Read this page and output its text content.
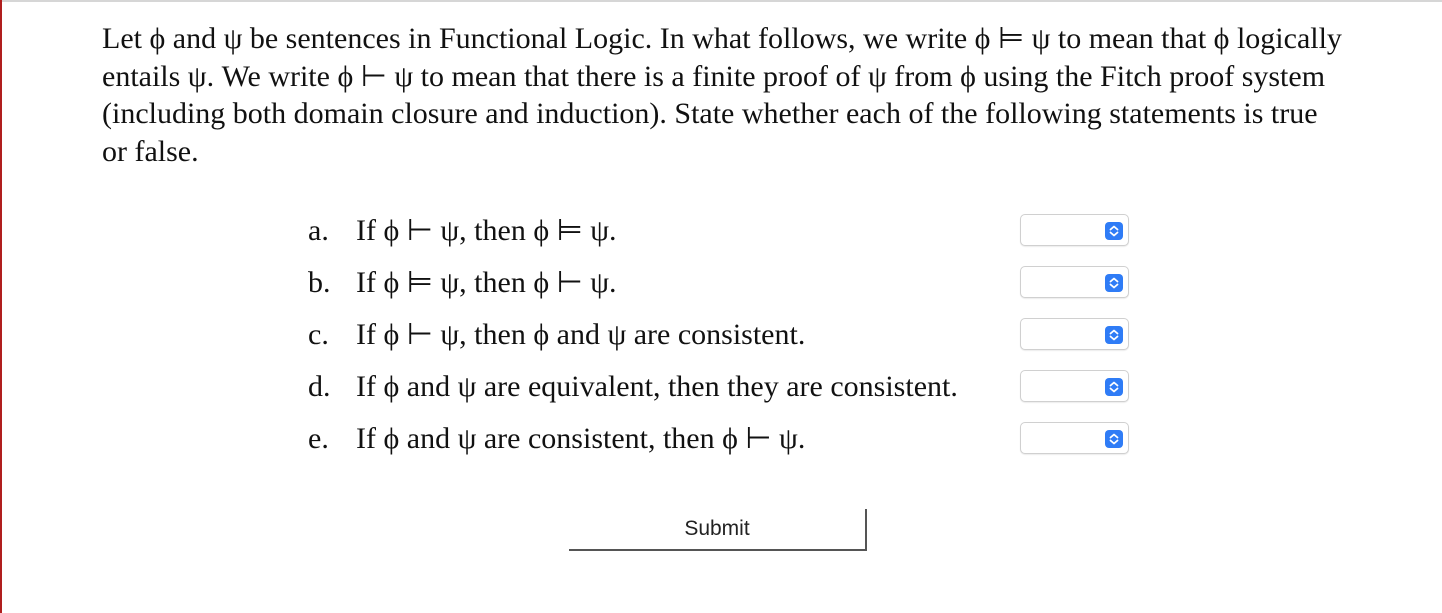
Let ϕ and ψ be sentences in Functional Logic. In what follows, we write ϕ ⊨ ψ to mean that ϕ logically entails ψ. We write ϕ ⊢ ψ to mean that there is a finite proof of ψ from ϕ using the Fitch proof system (including both domain closure and induction). State whether each of the following statements is true or false.

a. If ϕ ⊢ ψ, then ϕ ⊨ ψ.
b. If ϕ ⊨ ψ, then ϕ ⊢ ψ.
c. If ϕ ⊢ ψ, then ϕ and ψ are consistent.
d. If ϕ and ψ are equivalent, then they are consistent.
e. If ϕ and ψ are consistent, then ϕ ⊢ ψ.
Submit
